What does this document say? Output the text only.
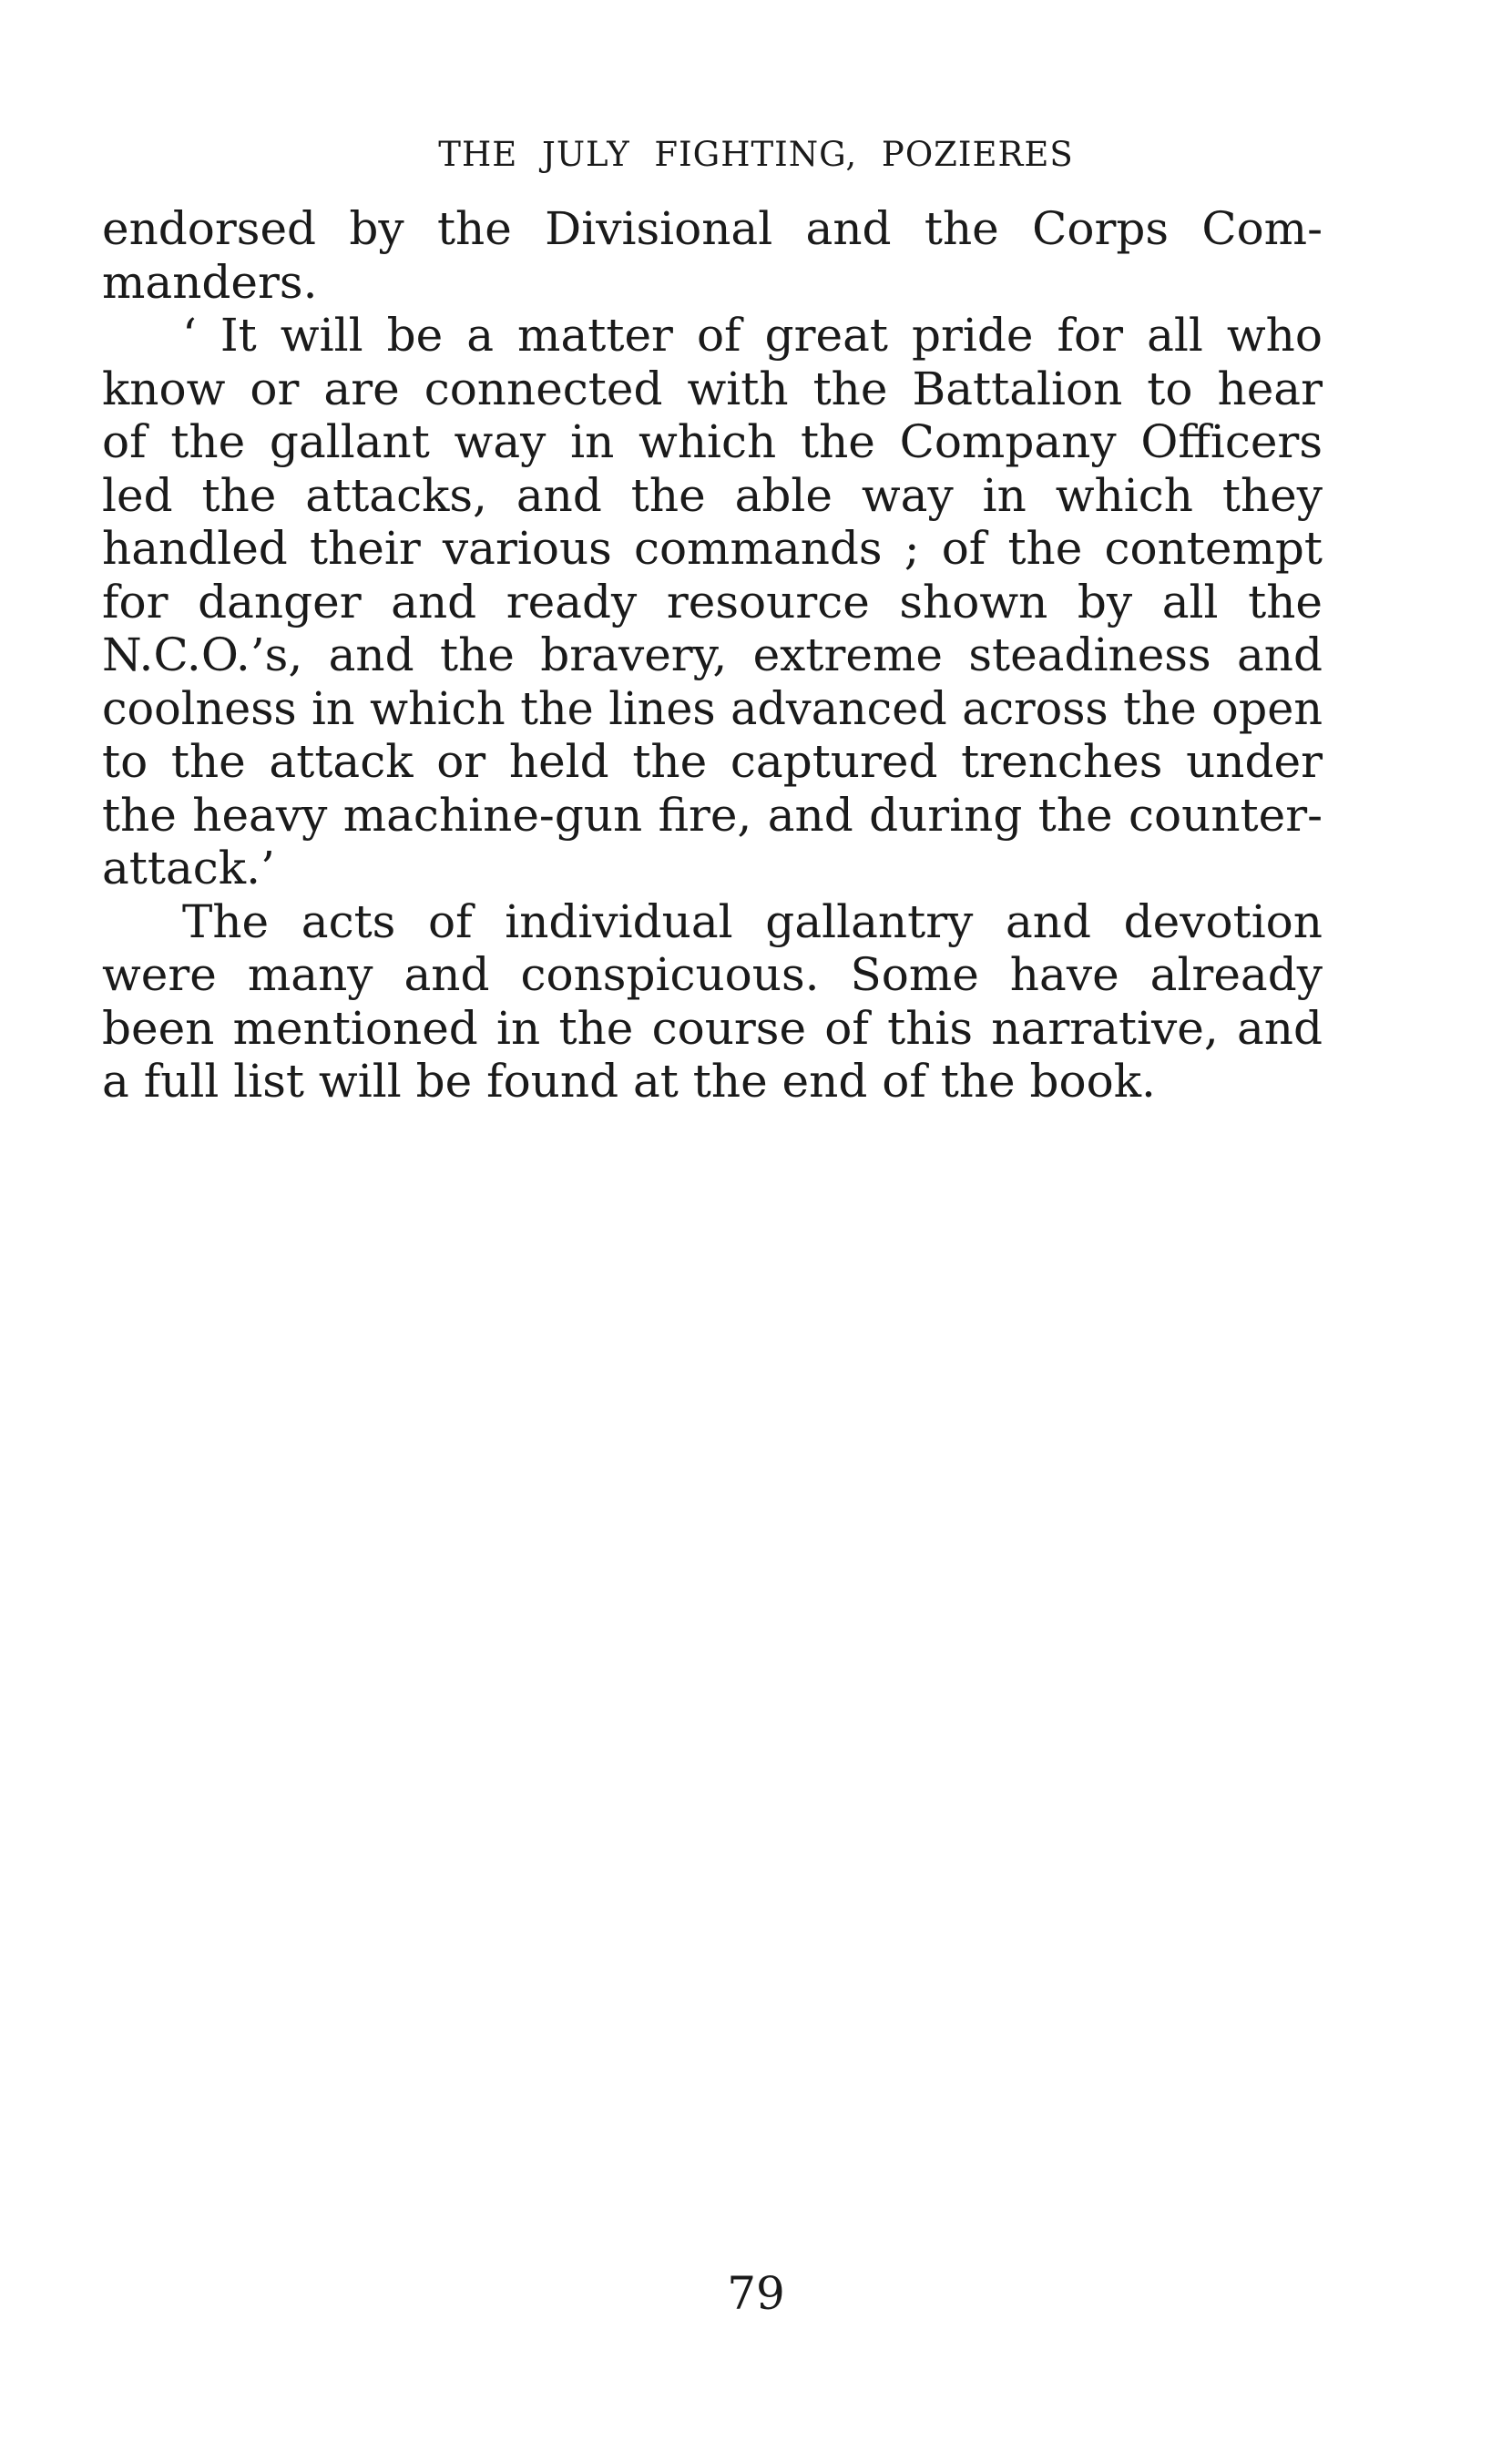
THE JULY FIGHTING, POZIERES
endorsed by the Divisional and the Corps Com-
manders.
‘ It will be a matter of great pride for all who
know or are connected with the Battalion to hear
of the gallant way in which the Company Officers
led the attacks, and the able way in which they
handled their various commands ; of the contempt
for danger and ready resource shown by all the
N.C.O.’s, and the bravery, extreme steadiness and
coolness in which the lines advanced across the open
to the attack or held the captured trenches under
the heavy machine-gun fire, and during the counter-
attack.’
The acts of individual gallantry and devotion
were many and conspicuous. Some have already
been mentioned in the course of this narrative, and
a full list will be found at the end of the book.
79
